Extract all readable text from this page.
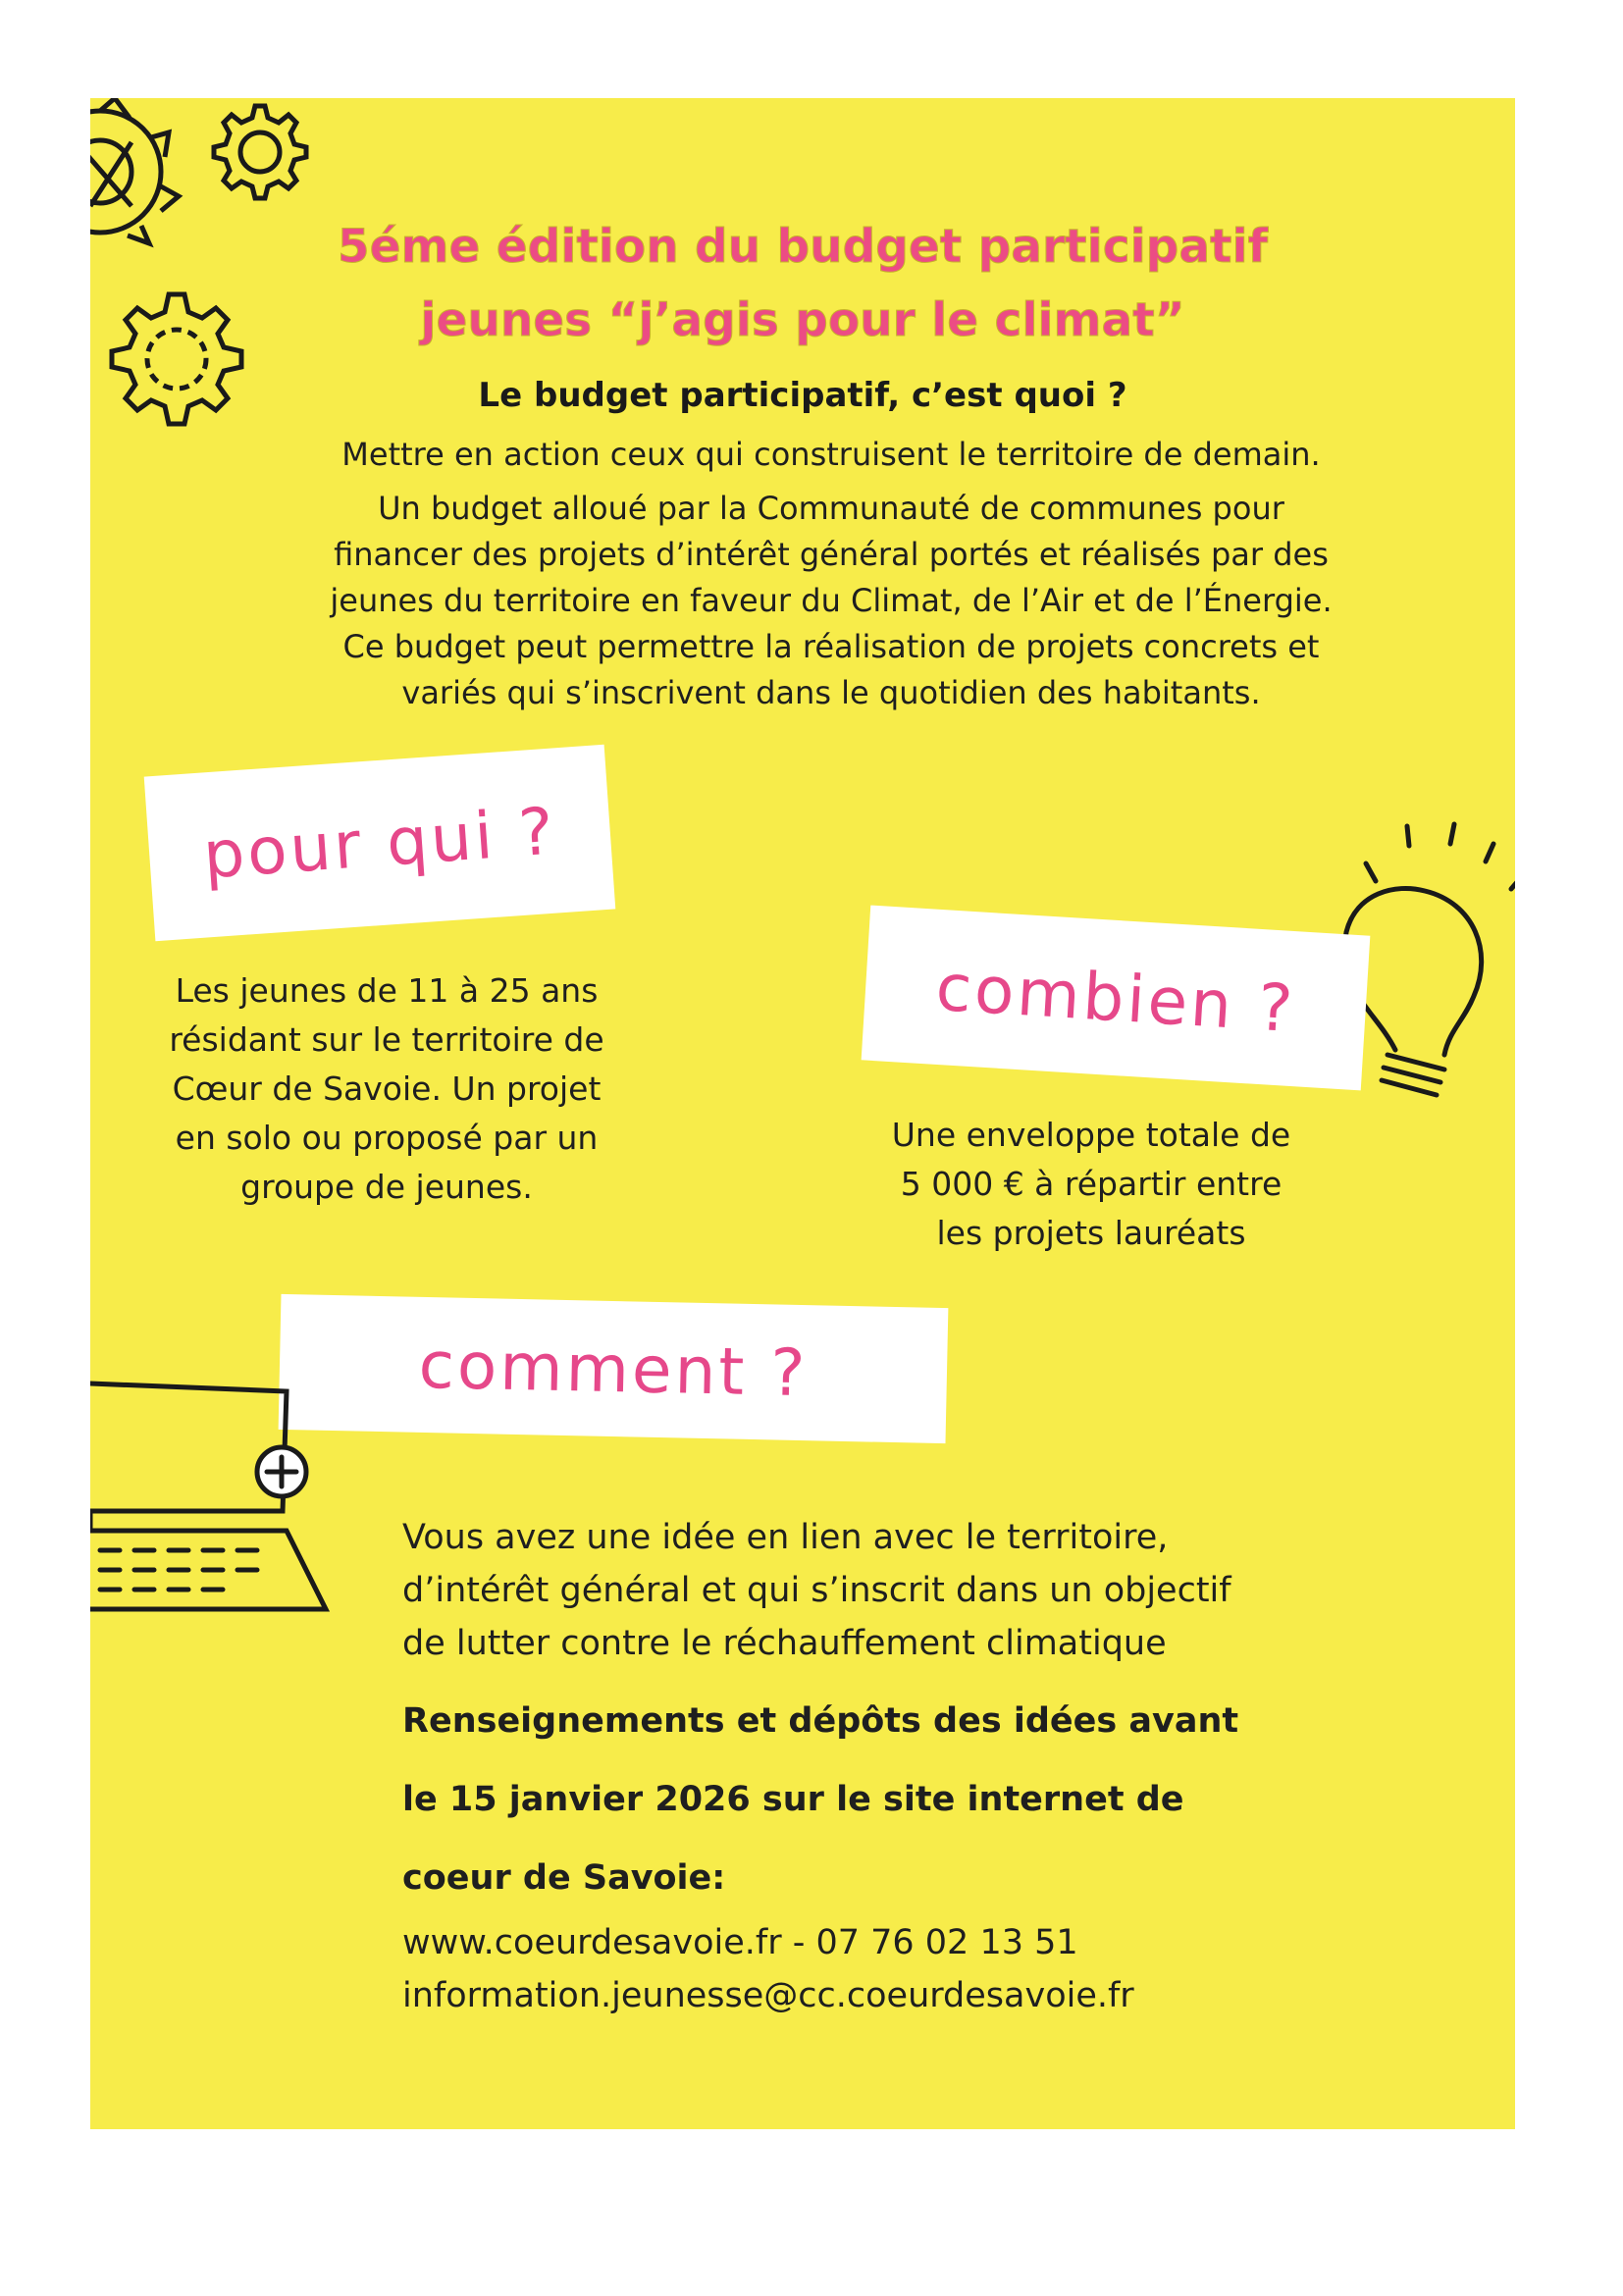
5éme édition du budget participatif
jeunes “j’agis pour le climat”
Le budget participatif, c’est quoi ?
Mettre en action ceux qui construisent le territoire de demain.
Un budget alloué par la Communauté de communes pour
financer des projets d’intérêt général portés et réalisés par des
jeunes du territoire en faveur du Climat, de l’Air et de l’Énergie.
Ce budget peut permettre la réalisation de projets concrets et
variés qui s’inscrivent dans le quotidien des habitants.
pour qui ?
Les jeunes de 11 à 25 ans
résidant sur le territoire de
Cœur de Savoie. Un projet
en solo ou proposé par un
groupe de jeunes.
combien ?
Une enveloppe totale de
5 000 € à répartir entre
les projets lauréats
comment ?
Vous avez une idée en lien avec le territoire,
d’intérêt général et qui s’inscrit dans un objectif
de lutter contre le réchauffement climatique
Renseignements et dépôts des idées avant
le 15 janvier 2026 sur le site internet de
coeur de Savoie:
www.coeurdesavoie.fr - 07 76 02 13 51
information.jeunesse@cc.coeurdesavoie.fr
